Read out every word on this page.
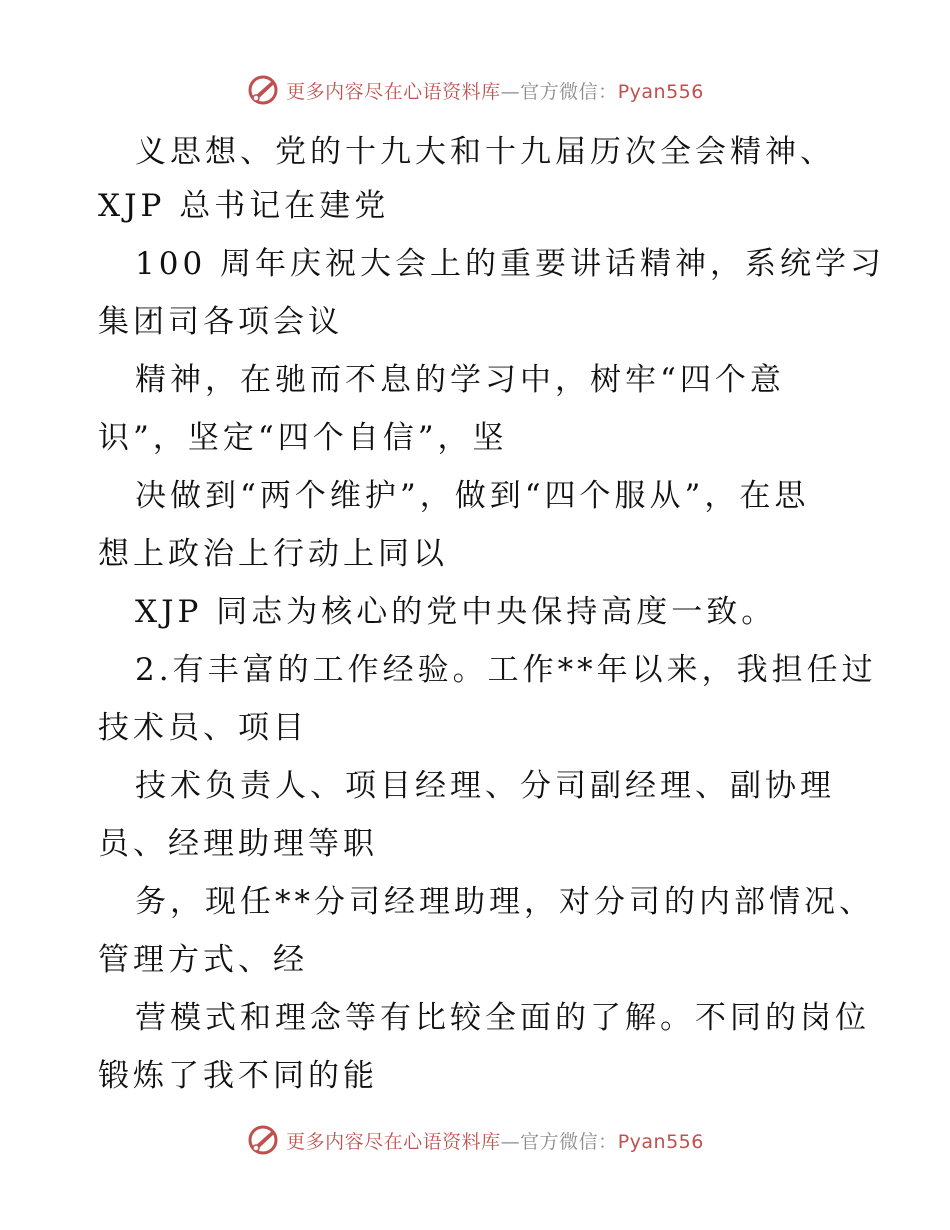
更多内容尽在心语资料库—官方微信：Pyan556
义思想、党的十九大和十九届历次全会精神、
XJP 总书记在建党
100 周年庆祝大会上的重要讲话精神，系统学习
集团司各项会议
精神，在驰而不息的学习中，树牢“四个意
识”，坚定“四个自信”，坚
决做到“两个维护”，做到“四个服从”，在思
想上政治上行动上同以
XJP 同志为核心的党中央保持高度一致。
2.有丰富的工作经验。工作**年以来，我担任过
技术员、项目
技术负责人、项目经理、分司副经理、副协理
员、经理助理等职
务，现任**分司经理助理，对分司的内部情况、
管理方式、经
营模式和理念等有比较全面的了解。不同的岗位
锻炼了我不同的能
更多内容尽在心语资料库—官方微信：Pyan556
